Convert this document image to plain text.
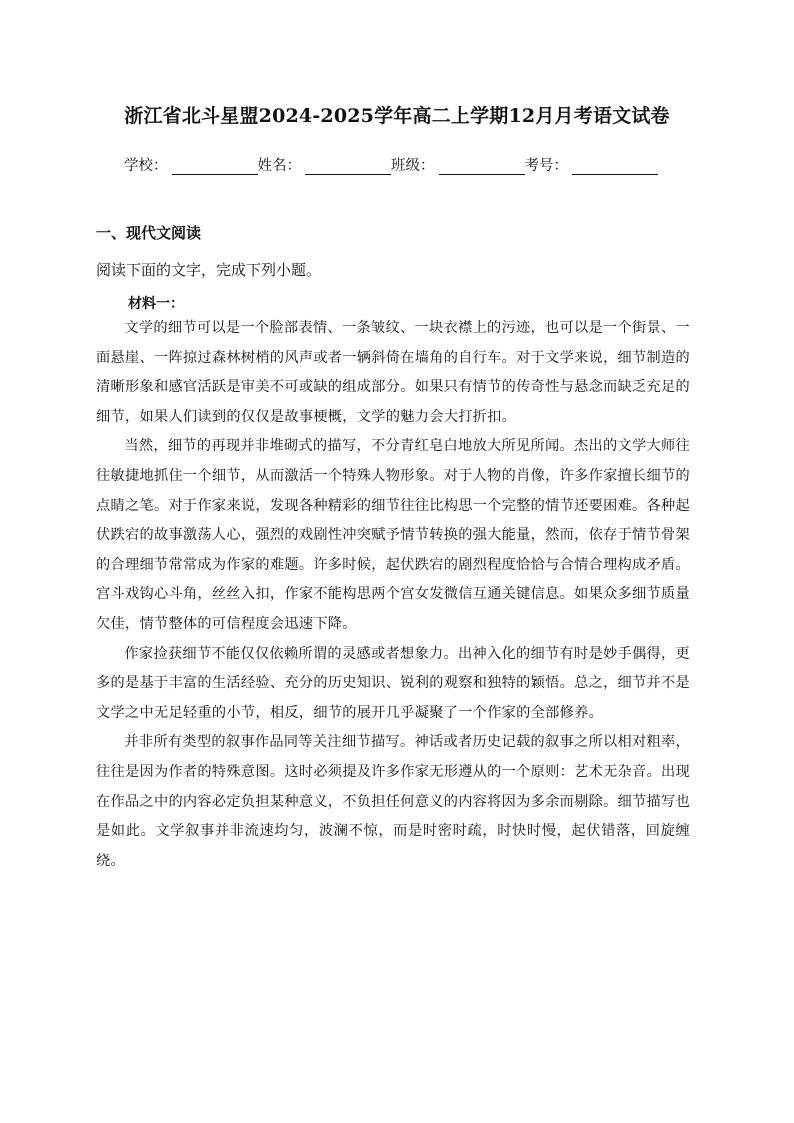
浙江省北斗星盟2024-2025学年高二上学期12月月考语文试卷
学校：	姓名：	班级：	考号：
一、现代文阅读
阅读下面的文字，完成下列小题。
材料一：

文学的细节可以是一个脸部表情、一条皱纹、一块衣襟上的污迹，也可以是一个街景、一面悬崖、一阵掠过森林树梢的风声或者一辆斜倚在墙角的自行车。对于文学来说，细节制造的清晰形象和感官活跃是审美不可或缺的组成部分。如果只有情节的传奇性与悬念而缺乏充足的细节，如果人们读到的仅仅是故事梗概，文学的魅力会大打折扣。

当然，细节的再现并非堆砌式的描写，不分青红皂白地放大所见所闻。杰出的文学大师往往敏捷地抓住一个细节，从而激活一个特殊人物形象。对于人物的肖像，许多作家擅长细节的点睛之笔。对于作家来说，发现各种精彩的细节往往比构思一个完整的情节还要困难。各种起伏跌宕的故事激荡人心，强烈的戏剧性冲突赋予情节转换的强大能量，然而，依存于情节骨架的合理细节常常成为作家的难题。许多时候，起伏跌宕的剧烈程度恰恰与合情合理构成矛盾。宫斗戏钩心斗角，丝丝入扣，作家不能构思两个宫女发微信互通关键信息。如果众多细节质量欠佳，情节整体的可信程度会迅速下降。

作家捡获细节不能仅仅依赖所谓的灵感或者想象力。出神入化的细节有时是妙手偶得，更多的是基于丰富的生活经验、充分的历史知识、锐利的观察和独特的颖悟。总之，细节并不是文学之中无足轻重的小节，相反，细节的展开几乎凝聚了一个作家的全部修养。

并非所有类型的叙事作品同等关注细节描写。神话或者历史记载的叙事之所以相对粗率，往往是因为作者的特殊意图。这时必须提及许多作家无形遵从的一个原则：艺术无杂音。出现在作品之中的内容必定负担某种意义，不负担任何意义的内容将因为多余而剔除。细节描写也是如此。文学叙事并非流速均匀，波澜不惊，而是时密时疏，时快时慢，起伏错落，回旋缠绕。
